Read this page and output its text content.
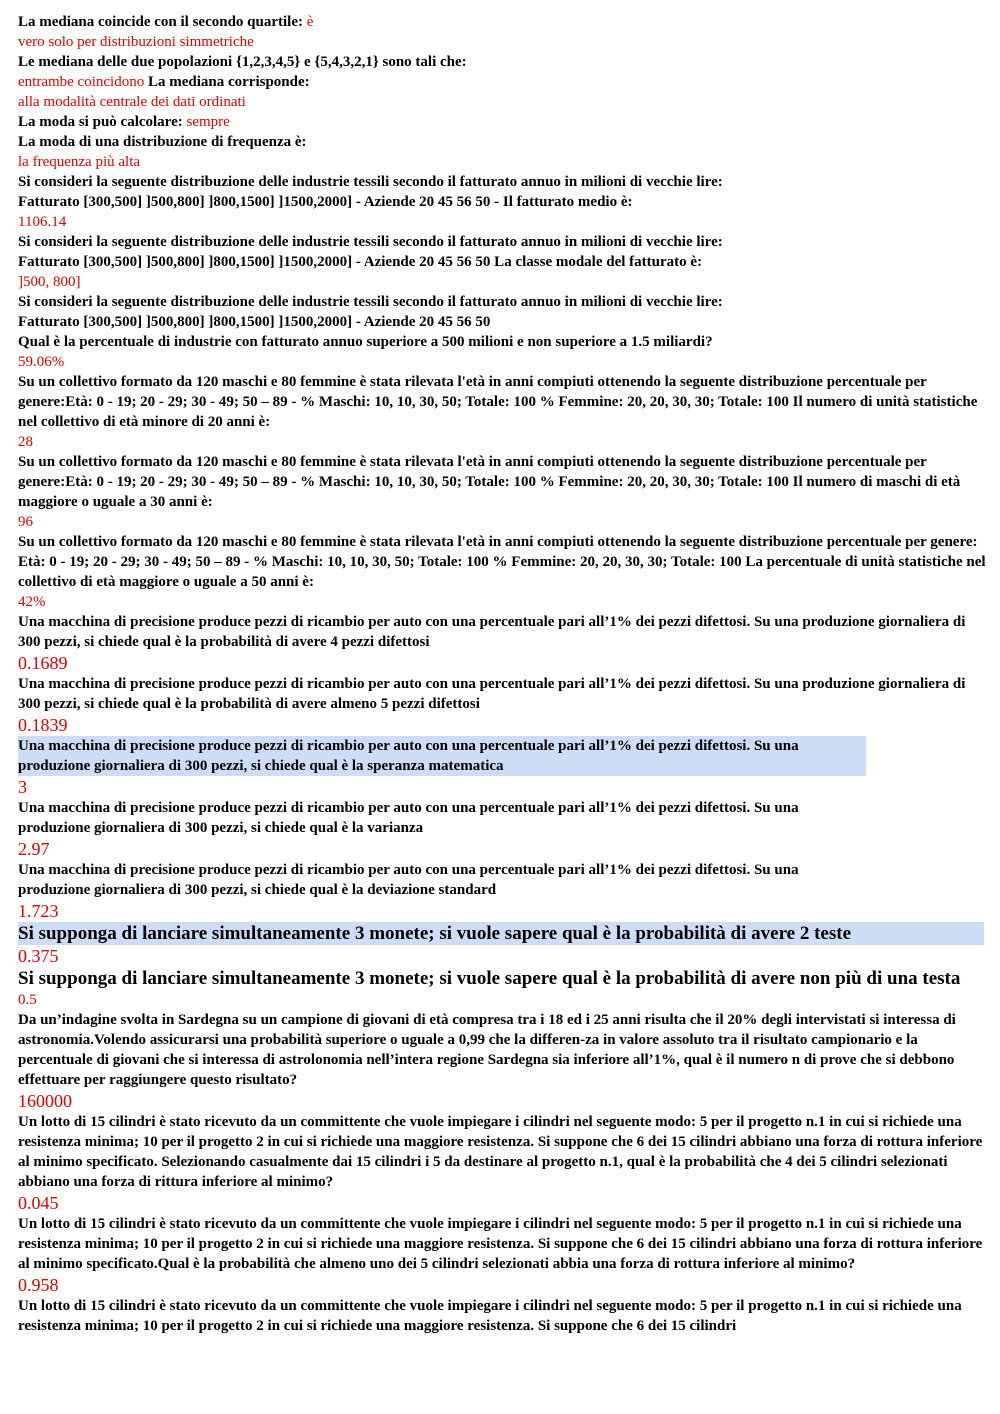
La mediana coincide con il secondo quartile: è
vero solo per distribuzioni simmetriche
Le mediana delle due popolazioni {1,2,3,4,5} e {5,4,3,2,1} sono tali che:
entrambe coincidono La mediana corrisponde:
alla modalità centrale dei dati ordinati
La moda si può calcolare: sempre
La moda di una distribuzione di frequenza è:
la frequenza più alta
Si consideri la seguente distribuzione delle industrie tessili secondo il fatturato annuo in milioni di vecchie lire:
Fatturato [300,500] ]500,800] ]800,1500] ]1500,2000] - Aziende 20 45 56 50 - Il fatturato medio è:
1106.14
Si consideri la seguente distribuzione delle industrie tessili secondo il fatturato annuo in milioni di vecchie lire:
Fatturato [300,500] ]500,800] ]800,1500] ]1500,2000] - Aziende 20 45 56 50 La classe modale del fatturato è:
]500, 800]
Si consideri la seguente distribuzione delle industrie tessili secondo il fatturato annuo in milioni di vecchie lire:
Fatturato [300,500] ]500,800] ]800,1500] ]1500,2000] - Aziende 20 45 56 50
Qual è la percentuale di industrie con fatturato annuo superiore a 500 milioni e non superiore a 1.5 miliardi?
59.06%
Su un collettivo formato da 120 maschi e 80 femmine è stata rilevata l'età in anni compiuti ottenendo la seguente distribuzione percentuale per genere:Età: 0 - 19; 20 - 29; 30 - 49; 50 – 89 - % Maschi: 10, 10, 30, 50; Totale: 100 % Femmine: 20, 20, 30, 30; Totale: 100 Il numero di unità statistiche nel collettivo di età minore di 20 anni è:
28
Su un collettivo formato da 120 maschi e 80 femmine è stata rilevata l'età in anni compiuti ottenendo la seguente distribuzione percentuale per genere:Età: 0 - 19; 20 - 29; 30 - 49; 50 – 89 - % Maschi: 10, 10, 30, 50; Totale: 100 % Femmine: 20, 20, 30, 30; Totale: 100 Il numero di maschi di età maggiore o uguale a 30 anni è:
96
Su un collettivo formato da 120 maschi e 80 femmine è stata rilevata l'età in anni compiuti ottenendo la seguente distribuzione percentuale per genere: Età: 0 - 19; 20 - 29; 30 - 49; 50 – 89 - % Maschi: 10, 10, 30, 50; Totale: 100 % Femmine: 20, 20, 30, 30; Totale: 100 La percentuale di unità statistiche nel collettivo di età maggiore o uguale a 50 anni è:
42%
Una macchina di precisione produce pezzi di ricambio per auto con una percentuale pari all’1% dei pezzi difettosi. Su una produzione giornaliera di 300 pezzi, si chiede qual è la probabilità di avere 4 pezzi difettosi
0.1689
Una macchina di precisione produce pezzi di ricambio per auto con una percentuale pari all’1% dei pezzi difettosi. Su una produzione giornaliera di 300 pezzi, si chiede qual è la probabilità di avere almeno 5 pezzi difettosi
0.1839
Una macchina di precisione produce pezzi di ricambio per auto con una percentuale pari all’1% dei pezzi difettosi. Su una produzione giornaliera di 300 pezzi, si chiede qual è la speranza matematica
3
Una macchina di precisione produce pezzi di ricambio per auto con una percentuale pari all’1% dei pezzi difettosi. Su una produzione giornaliera di 300 pezzi, si chiede qual è la varianza
2.97
Una macchina di precisione produce pezzi di ricambio per auto con una percentuale pari all’1% dei pezzi difettosi. Su una produzione giornaliera di 300 pezzi, si chiede qual è la deviazione standard
1.723
Si supponga di lanciare simultaneamente 3 monete; si vuole sapere qual è la probabilità di avere 2 teste
0.375
Si supponga di lanciare simultaneamente 3 monete; si vuole sapere qual è la probabilità di avere non più di una testa
0.5
Da un’indagine svolta in Sardegna su un campione di giovani di età compresa tra i 18 ed i 25 anni risulta che il 20% degli intervistati si interessa di astronomia.Volendo assicurarsi una probabilità superiore o uguale a 0,99 che la differen-za in valore assoluto tra il risultato campionario e la percentuale di giovani che si interessa di astrolonomia nell’intera regione Sardegna sia inferiore all’1%, qual è il numero n di prove che si debbono effettuare per raggiungere questo risultato?
160000
Un lotto di 15 cilindri è stato ricevuto da un committente che vuole impiegare i cilindri nel seguente modo: 5 per il progetto n.1 in cui si richiede una resistenza minima; 10 per il progetto 2 in cui si richiede una maggiore resistenza. Si suppone che 6 dei 15 cilindri abbiano una forza di rottura inferiore al minimo specificato. Selezionando casualmente dai 15 cilindri i 5 da destinare al progetto n.1, qual è la probabilità che 4 dei 5 cilindri selezionati abbiano una forza di rittura inferiore al minimo?
0.045
Un lotto di 15 cilindri è stato ricevuto da un committente che vuole impiegare i cilindri nel seguente modo: 5 per il progetto n.1 in cui si richiede una resistenza minima; 10 per il progetto 2 in cui si richiede una maggiore resistenza. Si suppone che 6 dei 15 cilindri abbiano una forza di rottura inferiore al minimo specificato.Qual è la probabilità che almeno uno dei 5 cilindri selezionati abbia una forza di rottura inferiore al minimo?
0.958
Un lotto di 15 cilindri è stato ricevuto da un committente che vuole impiegare i cilindri nel seguente modo: 5 per il progetto n.1 in cui si richiede una resistenza minima; 10 per il progetto 2 in cui si richiede una maggiore resistenza. Si suppone che 6 dei 15 cilindri
